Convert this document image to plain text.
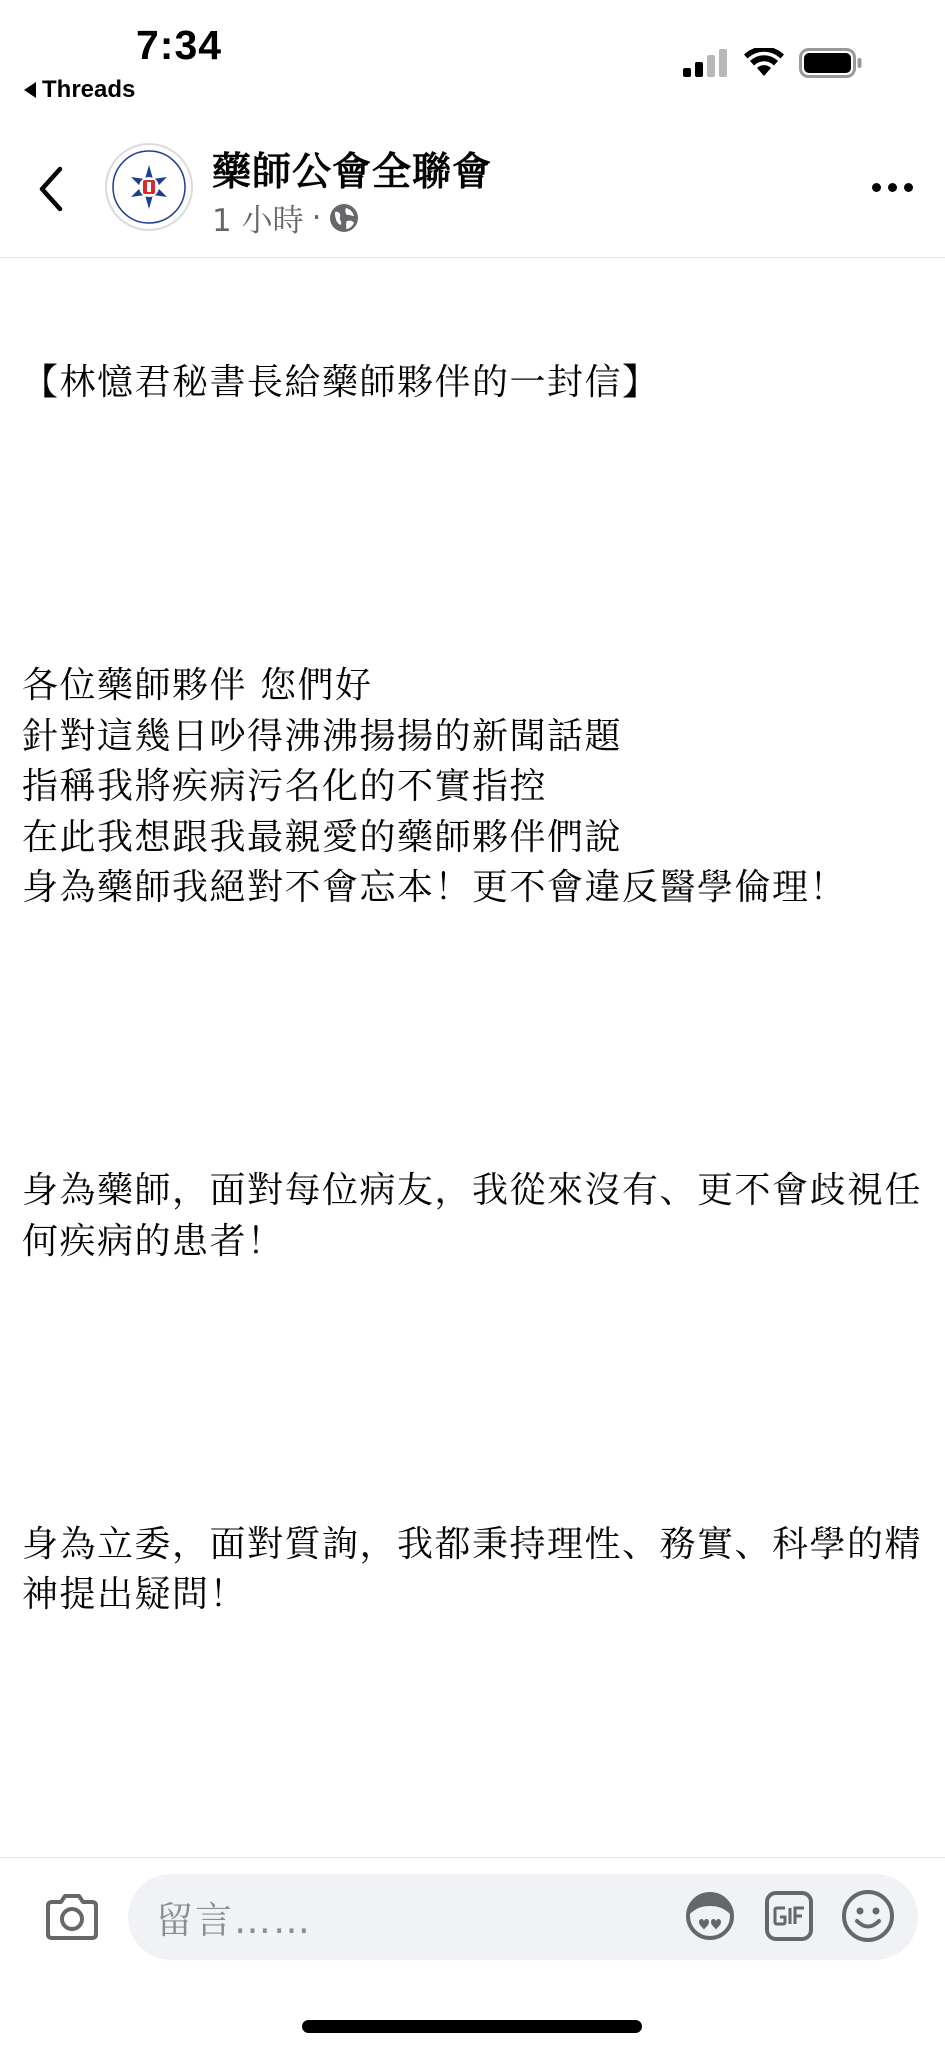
7:34
Threads
藥師公會全聯會
1 小時 ·

【林憶君秘書長給藥師夥伴的一封信】

各位藥師夥伴 您們好
針對這幾日吵得沸沸揚揚的新聞話題
指稱我將疾病污名化的不實指控
在此我想跟我最親愛的藥師夥伴們說
身為藥師我絕對不會忘本！更不會違反醫學倫理！

身為藥師，面對每位病友，我從來沒有、更不會歧視任何疾病的患者！

身為立委，面對質詢，我都秉持理性、務實、科學的精神提出疑問！

留言……
